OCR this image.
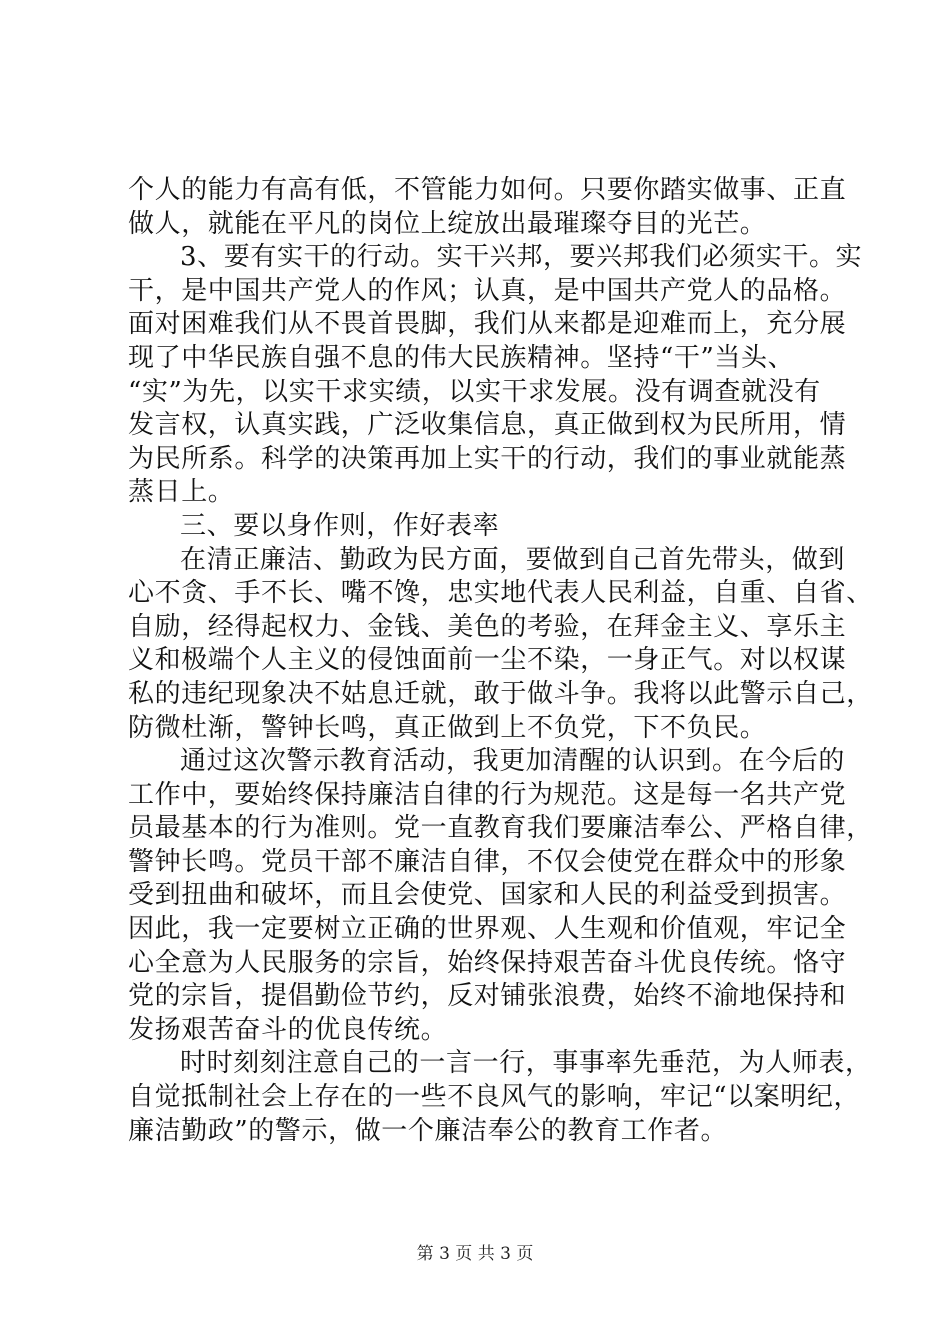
个人的能力有高有低，不管能力如何。只要你踏实做事、正直
做人，就能在平凡的岗位上绽放出最璀璨夺目的光芒。
3、要有实干的行动。实干兴邦，要兴邦我们必须实干。实
干，是中国共产党人的作风；认真，是中国共产党人的品格。
面对困难我们从不畏首畏脚，我们从来都是迎难而上，充分展
现了中华民族自强不息的伟大民族精神。坚持“干”当头、
“实”为先，以实干求实绩，以实干求发展。没有调查就没有
发言权，认真实践，广泛收集信息，真正做到权为民所用，情
为民所系。科学的决策再加上实干的行动，我们的事业就能蒸
蒸日上。
三、要以身作则，作好表率
在清正廉洁、勤政为民方面，要做到自己首先带头，做到
心不贪、手不长、嘴不馋，忠实地代表人民利益，自重、自省、
自励，经得起权力、金钱、美色的考验，在拜金主义、享乐主
义和极端个人主义的侵蚀面前一尘不染，一身正气。对以权谋
私的违纪现象决不姑息迁就，敢于做斗争。我将以此警示自己，
防微杜渐，警钟长鸣，真正做到上不负党，下不负民。
通过这次警示教育活动，我更加清醒的认识到。在今后的
工作中，要始终保持廉洁自律的行为规范。这是每一名共产党
员最基本的行为准则。党一直教育我们要廉洁奉公、严格自律，
警钟长鸣。党员干部不廉洁自律，不仅会使党在群众中的形象
受到扭曲和破坏，而且会使党、国家和人民的利益受到损害。
因此，我一定要树立正确的世界观、人生观和价值观，牢记全
心全意为人民服务的宗旨，始终保持艰苦奋斗优良传统。恪守
党的宗旨，提倡勤俭节约，反对铺张浪费，始终不渝地保持和
发扬艰苦奋斗的优良传统。
时时刻刻注意自己的一言一行，事事率先垂范，为人师表，
自觉抵制社会上存在的一些不良风气的影响，牢记“以案明纪，
廉洁勤政”的警示，做一个廉洁奉公的教育工作者。
第 3 页 共 3 页
